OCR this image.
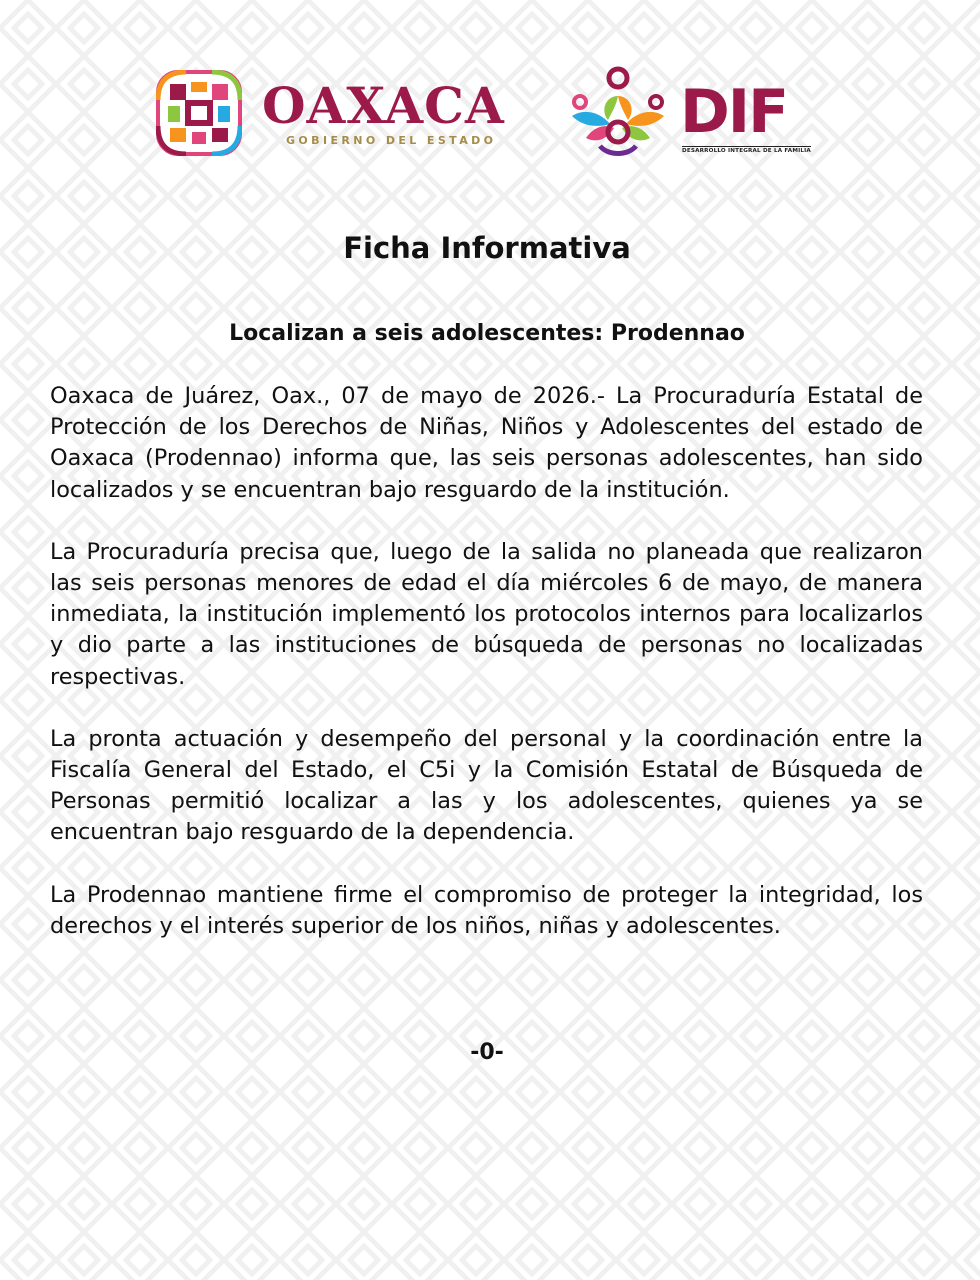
OAXACA
GOBIERNO DEL ESTADO	DIF
DESARROLLO INTEGRAL DE LA FAMILIA
Ficha Informativa
Localizan a seis adolescentes: Prodennao

Oaxaca de Juárez, Oax., 07 de mayo de 2026.- La Procuraduría Estatal de Protección de los Derechos de Niñas, Niños y Adolescentes del estado de Oaxaca (Prodennao) informa que, las seis personas adolescentes, han sido localizados y se encuentran bajo resguardo de la institución.

La Procuraduría precisa que, luego de la salida no planeada que realizaron las seis personas menores de edad el día miércoles 6 de mayo, de manera inmediata, la institución implementó los protocolos internos para localizarlos y dio parte a las instituciones de búsqueda de personas no localizadas respectivas.

La pronta actuación y desempeño del personal y la coordinación entre la Fiscalía General del Estado, el C5i y la Comisión Estatal de Búsqueda de Personas permitió localizar a las y los adolescentes, quienes ya se encuentran bajo resguardo de la dependencia.

La Prodennao mantiene firme el compromiso de proteger la integridad, los derechos y el interés superior de los niños, niñas y adolescentes.

-0-
